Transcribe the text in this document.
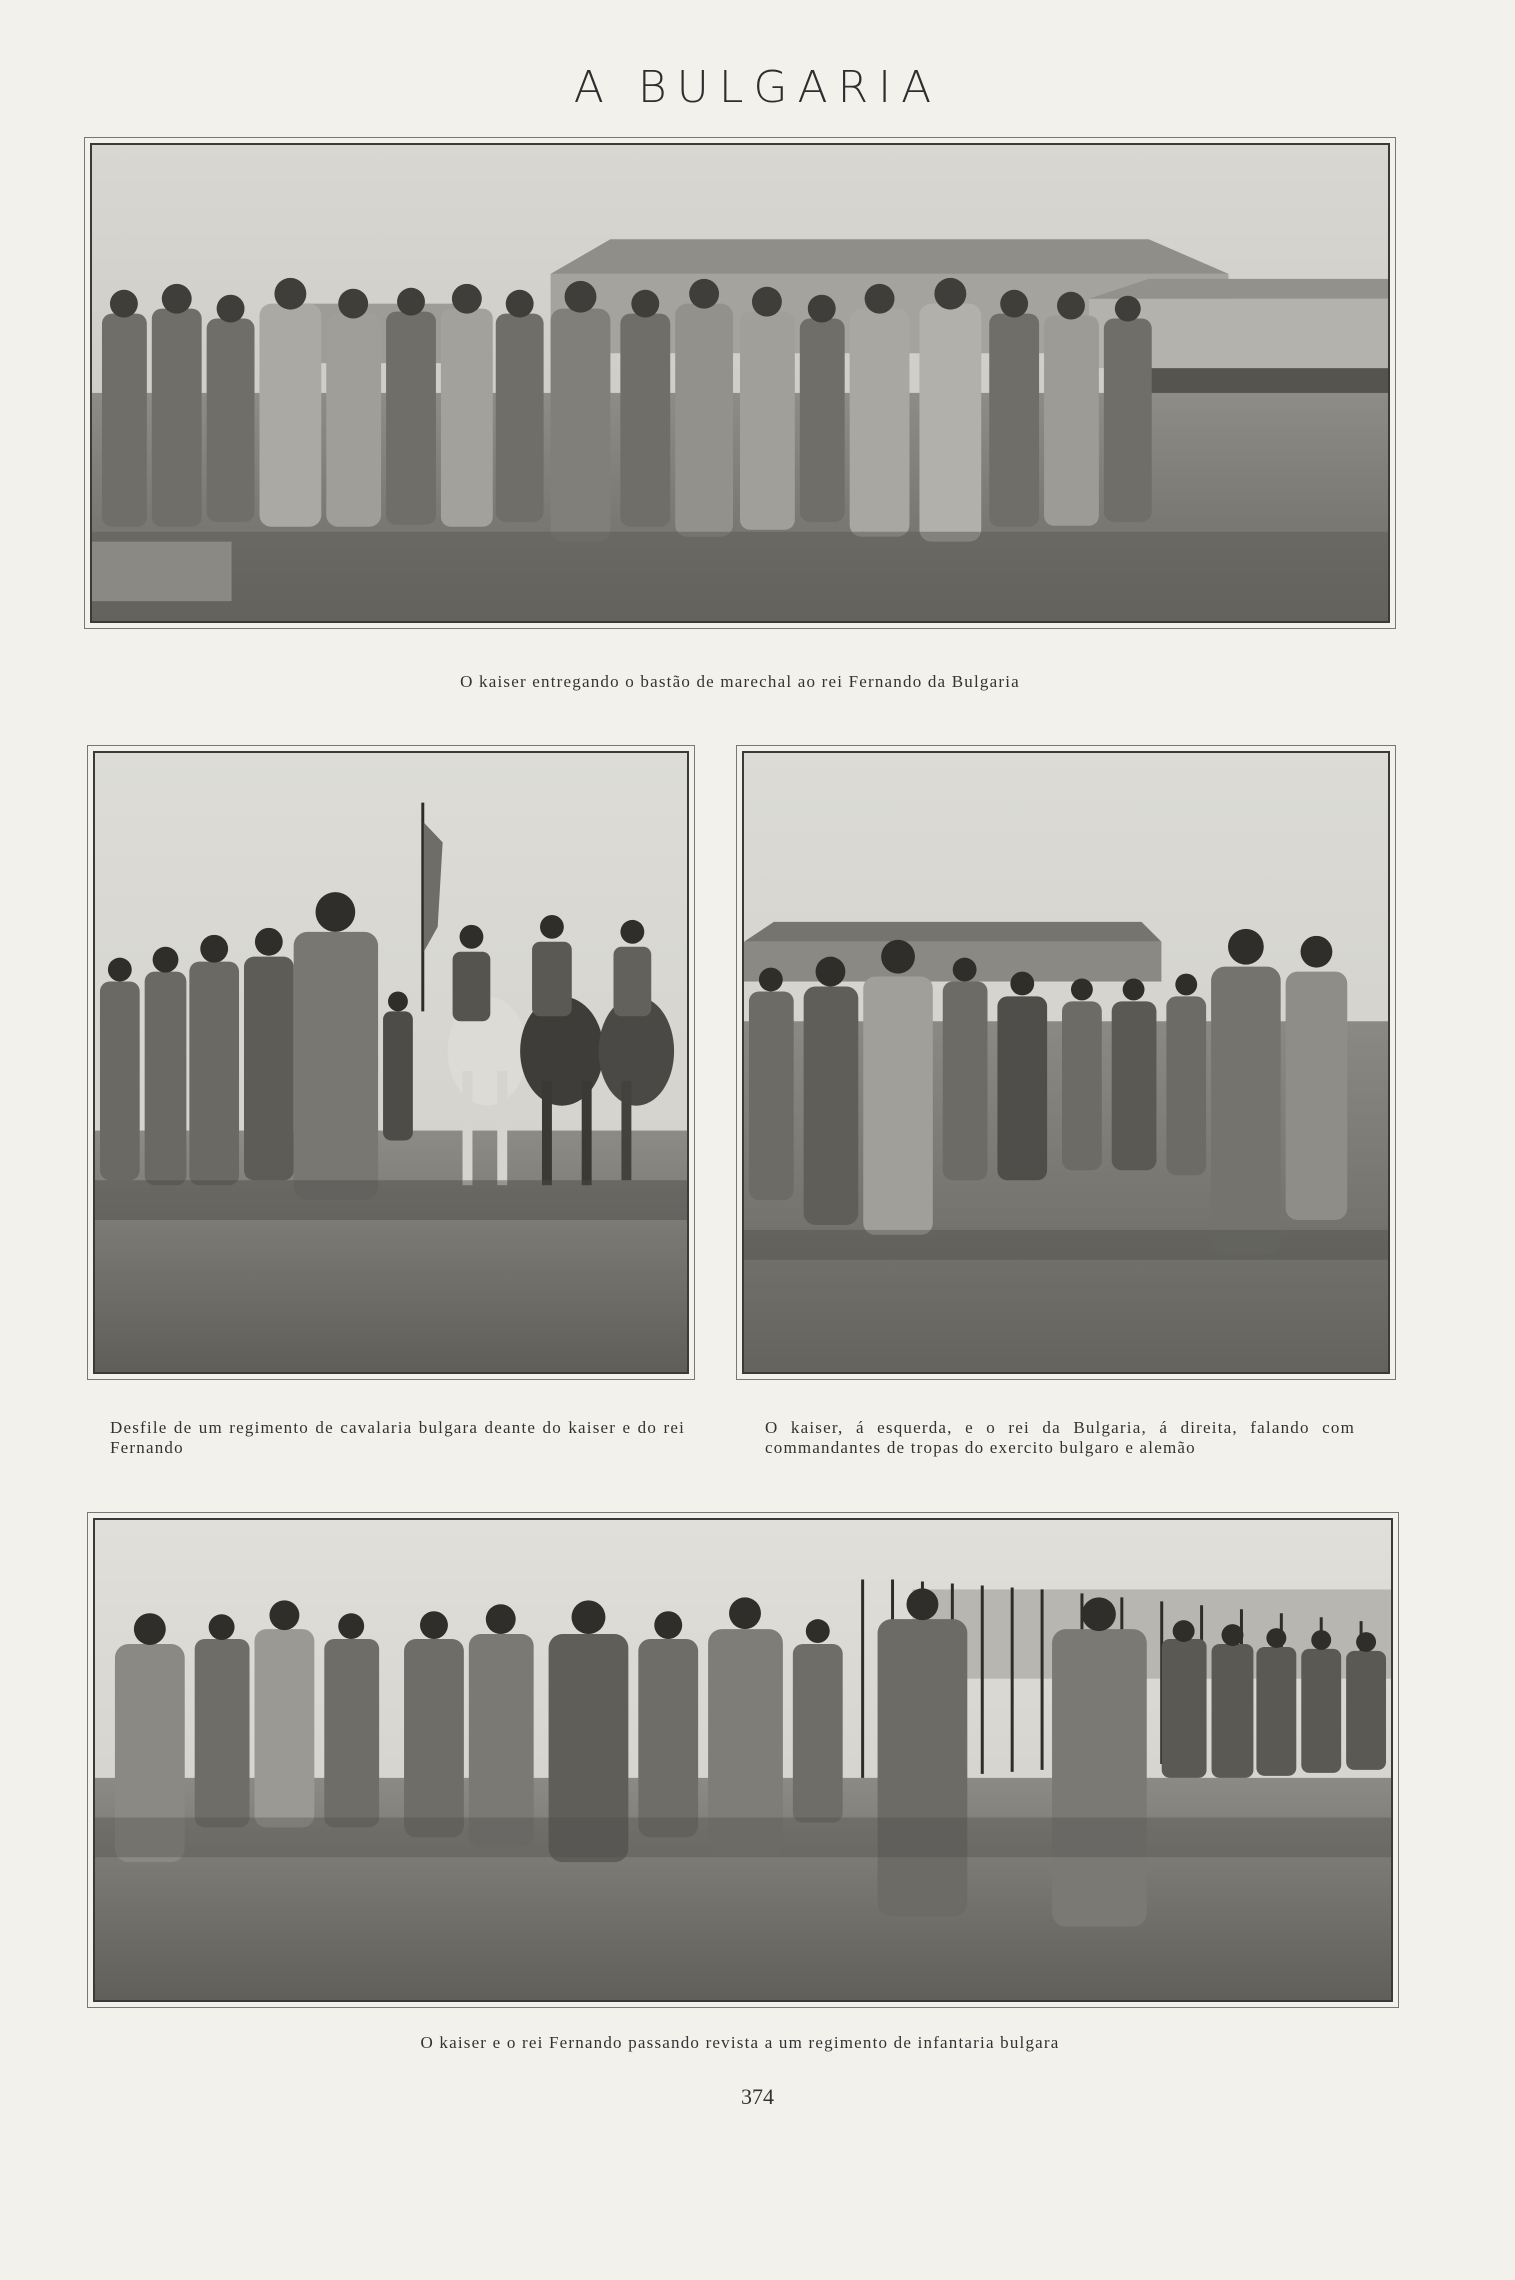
A BULGARIA
O kaiser entregando o bastão de marechal ao rei Fernando da Bulgaria
Desfile de um regimento de cavalaria bulgara deante do kaiser e do rei Fernando
O kaiser, á esquerda, e o rei da Bulgaria, á direita, falando com commandantes de tropas do exercito bulgaro e alemão
O kaiser e o rei Fernando passando revista a um regimento de infantaria bulgara
374
